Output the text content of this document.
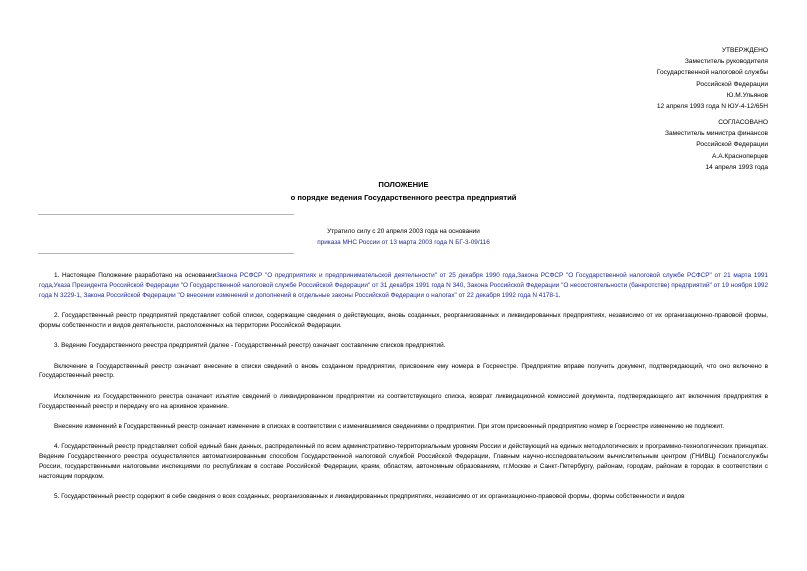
УТВЕРЖДЕНО
Заместитель руководителя
Государственной налоговой службы
Российской Федерации
Ю.М.Ульянов
12 апреля 1993 года N ЮУ-4-12/65Н
СОГЛАСОВАНО
Заместитель министра финансов
Российской Федерации
А.А.Красноперцев
14 апреля 1993 года
ПОЛОЖЕНИЕ
о порядке ведения Государственного реестра предприятий
Утратило силу с 20 апреля 2003 года на основании
приказа МНС России от 13 марта 2003 года N БГ-3-09/116

1. Настоящее Положение разработано на основанииЗакона РСФСР "О предприятиях и предпринимательской деятельности" от 25 декабря 1990 года,Закона РСФСР "О Государственной налоговой службе РСФСР" от 21 марта 1991 года,Указа Президента Российской Федерации "О Государственной налоговой службе Российской Федерации" от 31 декабря 1991 года N 340, Закона Российской Федерации "О несостоятельности (банкротстве) предприятий" от 19 ноября 1992 года N 3229-1, Закона Российской Федерации "О внесении изменений и дополнений в отдельные законы Российской Федерации о налогах" от 22 декабря 1992 года N 4178-1.

2. Государственный реестр предприятий представляет собой списки, содержащие сведения о действующих, вновь созданных, реорганизованных и ликвидированных предприятиях, независимо от их организационно-правовой формы, формы собственности и видов деятельности, расположенных на территории Российской Федерации.

3. Ведение Государственного реестра предприятий (далее - Государственный реестр) означает составление списков предприятий.

Включение в Государственный реестр означает внесение в списки сведений о вновь созданном предприятии, присвоение ему номера в Госреестре. Предприятие вправе получить документ, подтверждающий, что оно включено в Государственный реестр.

Исключение из Государственного реестра означает изъятие сведений о ликвидированном предприятии из соответствующего списка, возврат ликвидационной комиссией документа, подтверждающего акт включения предприятия в Государственный реестр и передачу его на архивное хранение.

Внесение изменений в Государственный реестр означает изменение в списках в соответствии с изменившимися сведениями о предприятии. При этом присвоенный предприятию номер в Госреестре изменению не подлежит.

4. Государственный реестр представляет собой единый банк данных, распределенный по всем административно-территориальным уровням России и действующий на единых методологических и программно-технологических принципах. Ведение Государственного реестра осуществляется автоматизированным способом Государственной налоговой службой Российской Федерации, Главным научно-исследовательским вычислительным центром (ГНИВЦ) Госналогслужбы России, государственными налоговыми инспекциями по республикам в составе Российской Федерации, краям, областям, автономным образованиям, гг.Москве и Санкт-Петербургу, районам, городам, районам в городах в соответствии с настоящим порядком.

5. Государственный реестр содержит в себе сведения о всех созданных, реорганизованных и ликвидированных предприятиях, независимо от их организационно-правовой формы, формы собственности и видов
